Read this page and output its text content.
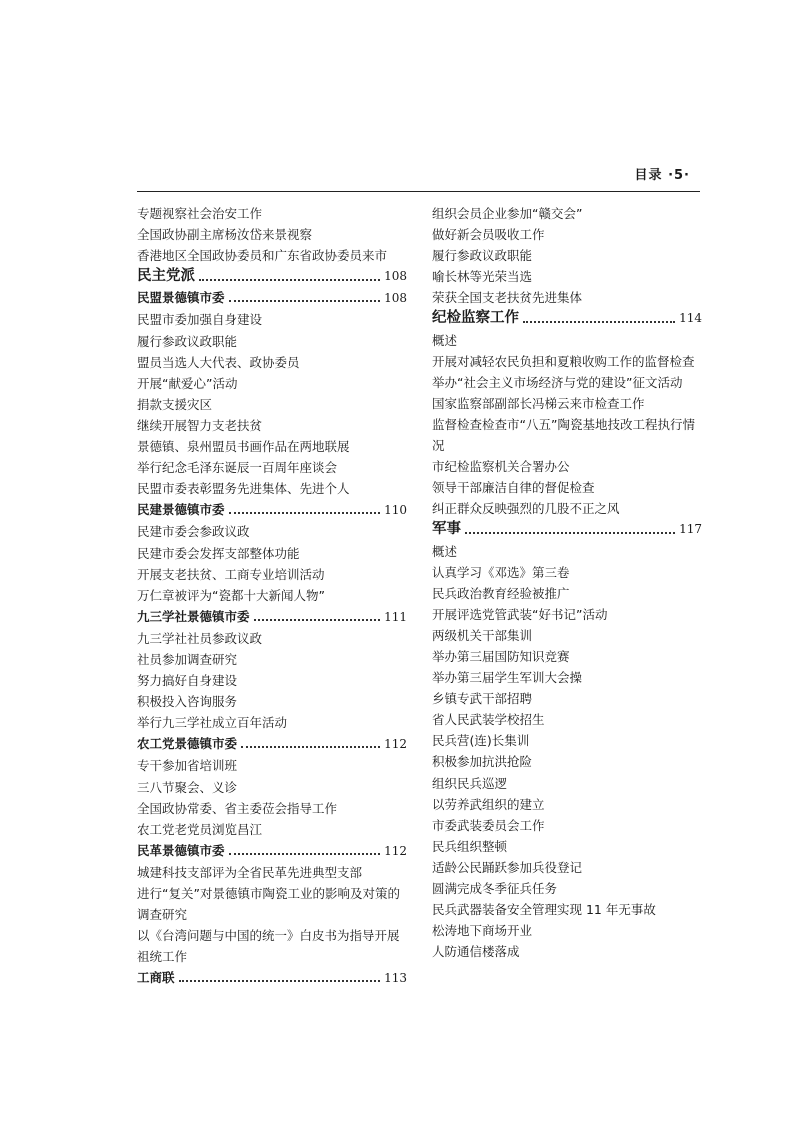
目录 ·5·
专题视察社会治安工作
全国政协副主席杨汝岱来景视察
香港地区全国政协委员和广东省政协委员来市
民主党派	108
民盟景德镇市委	108
民盟市委加强自身建设
履行参政议政职能
盟员当选人大代表、政协委员
开展“献爱心”活动
捐款支援灾区
继续开展智力支老扶贫
景德镇、泉州盟员书画作品在两地联展
举行纪念毛泽东诞辰一百周年座谈会
民盟市委表彰盟务先进集体、先进个人
民建景德镇市委	110
民建市委会参政议政
民建市委会发挥支部整体功能
开展支老扶贫、工商专业培训活动
万仁章被评为“瓷都十大新闻人物”
九三学社景德镇市委	111
九三学社社员参政议政
社员参加调查研究
努力搞好自身建设
积极投入咨询服务
举行九三学社成立百年活动
农工党景德镇市委	112
专干参加省培训班
三八节聚会、义诊
全国政协常委、省主委莅会指导工作
农工党老党员浏览昌江
民革景德镇市委	112
城建科技支部评为全省民革先进典型支部
进行“复关”对景德镇市陶瓷工业的影响及对策的调查研究
以《台湾问题与中国的统一》白皮书为指导开展祖统工作
工商联	113
组织会员企业参加“赣交会”
做好新会员吸收工作
履行参政议政职能
喻长林等光荣当选
荣获全国支老扶贫先进集体
纪检监察工作	114
概述
开展对减轻农民负担和夏粮收购工作的监督检查
举办“社会主义市场经济与党的建设”征文活动
国家监察部副部长冯梯云来市检查工作
监督检查检查市“八五”陶瓷基地技改工程执行情况
市纪检监察机关合署办公
领导干部廉洁自律的督促检查
纠正群众反映强烈的几股不正之风
军事	117
概述
认真学习《邓选》第三卷
民兵政治教育经验被推广
开展评选党管武装“好书记”活动
两级机关干部集训
举办第三届国防知识竞赛
举办第三届学生军训大会操
乡镇专武干部招聘
省人民武装学校招生
民兵营(连)长集训
积极参加抗洪抢险
组织民兵巡逻
以劳养武组织的建立
市委武装委员会工作
民兵组织整顿
适龄公民踊跃参加兵役登记
圆满完成冬季征兵任务
民兵武器装备安全管理实现 11 年无事故
松涛地下商场开业
人防通信楼落成
